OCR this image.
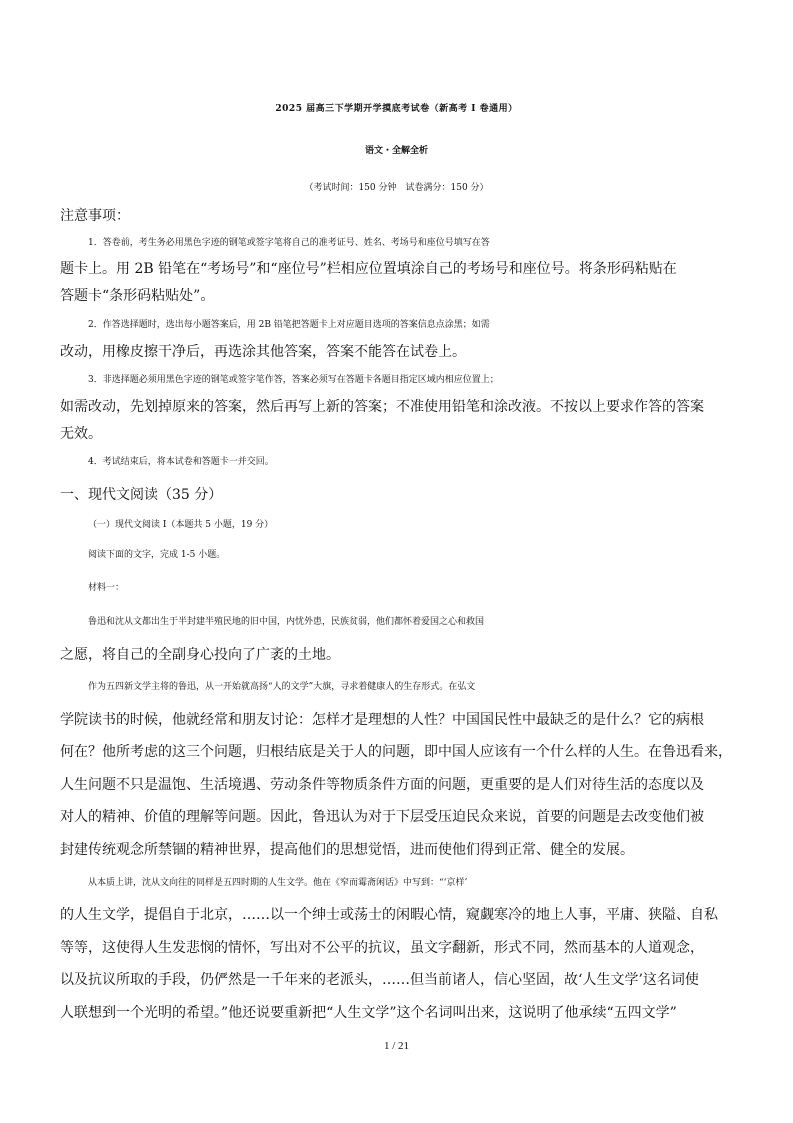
2025 届高三下学期开学摸底考试卷（新高考 I 卷通用）
语文・全解全析
（考试时间：150 分钟　试卷满分：150 分）
注意事项：
1．答卷前，考生务必用黑色字迹的钢笔或签字笔将自己的准考证号、姓名、考场号和座位号填写在答
题卡上。用 2B 铅笔在“考场号”和“座位号”栏相应位置填涂自己的考场号和座位号。将条形码粘贴在
答题卡“条形码粘贴处”。
2．作答选择题时，选出每小题答案后，用 2B 铅笔把答题卡上对应题目选项的答案信息点涂黑；如需
改动，用橡皮擦干净后，再选涂其他答案，答案不能答在试卷上。
3．非选择题必须用黑色字迹的钢笔或签字笔作答，答案必须写在答题卡各题目指定区域内相应位置上；
如需改动，先划掉原来的答案，然后再写上新的答案；不准使用铅笔和涂改液。不按以上要求作答的答案
无效。
4．考试结束后，将本试卷和答题卡一并交回。
一、现代文阅读（35 分）
（一）现代文阅读 I（本题共 5 小题，19 分）
阅读下面的文字，完成 1-5 小题。
材料一：
鲁迅和沈从文都出生于半封建半殖民地的旧中国，内忧外患，民族贫弱，他们都怀着爱国之心和救国
之愿，将自己的全副身心投向了广袤的土地。
作为五四新文学主将的鲁迅，从一开始就高扬“人的文学”大旗，寻求着健康人的生存形式。在弘文
学院读书的时候，他就经常和朋友讨论：怎样才是理想的人性？中国国民性中最缺乏的是什么？它的病根
何在？他所考虑的这三个问题，归根结底是关于人的问题，即中国人应该有一个什么样的人生。在鲁迅看来，
人生问题不只是温饱、生活境遇、劳动条件等物质条件方面的问题，更重要的是人们对待生活的态度以及
对人的精神、价值的理解等问题。因此，鲁迅认为对于下层受压迫民众来说，首要的问题是去改变他们被
封建传统观念所禁锢的精神世界，提高他们的思想觉悟，进而使他们得到正常、健全的发展。
从本质上讲，沈从文向往的同样是五四时期的人生文学。他在《窄而霉斋闲话》中写到：“‘京样’
的人生文学，提倡自于北京，……以一个绅士或荡士的闲暇心情，窥觑寒冷的地上人事，平庸、狭隘、自私
等等，这使得人生发悲悯的情怀，写出对不公平的抗议，虽文字翻新，形式不同，然而基本的人道观念，
以及抗议所取的手段，仍俨然是一千年来的老派头，……但当前诸人，信心坚固，故‘人生文学’这名词使
人联想到一个光明的希望。”他还说要重新把“人生文学”这个名词叫出来，这说明了他承续“五四文学”
1 / 21
